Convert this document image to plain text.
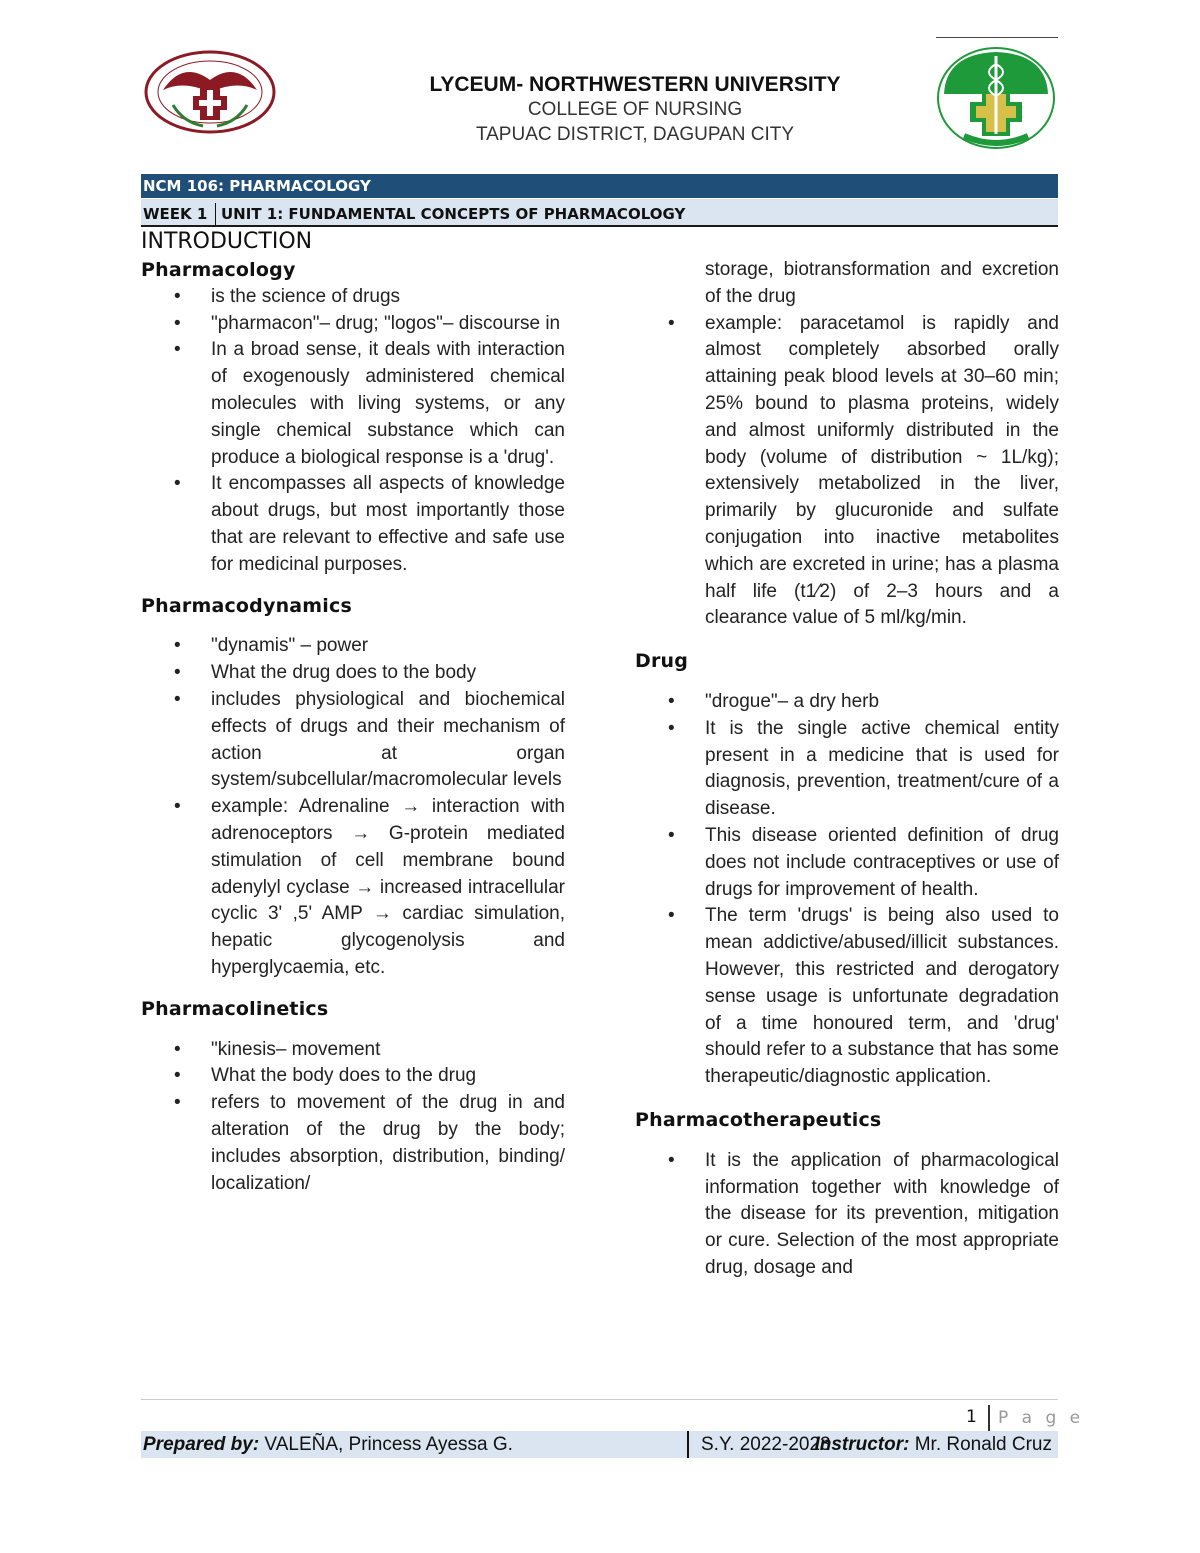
LYCEUM- NORTHWESTERN UNIVERSITY
COLLEGE OF NURSING
TAPUAC DISTRICT, DAGUPAN CITY
NCM 106: PHARMACOLOGY
WEEK 1 UNIT 1: FUNDAMENTAL CONCEPTS OF PHARMACOLOGY
INTRODUCTION
Pharmacology
• is the science of drugs
• "pharmacon"– drug; "logos"– discourse in
• In a broad sense, it deals with interaction of exogenously administered chemical molecules with living systems, or any single chemical substance which can produce a biological response is a 'drug'.
• It encompasses all aspects of knowledge about drugs, but most importantly those that are relevant to effective and safe use for medicinal purposes.
Pharmacodynamics
• "dynamis" – power
• What the drug does to the body
• includes physiological and biochemical effects of drugs and their mechanism of action at organ system/subcellular/macromolecular levels
• example: Adrenaline → interaction with adrenoceptors → G-protein mediated stimulation of cell membrane bound adenylyl cyclase → increased intracellular cyclic 3' ,5' AMP → cardiac simulation, hepatic glycogenolysis and hyperglycaemia, etc.
Pharmacolinetics
• "kinesis– movement
• What the body does to the drug
• refers to movement of the drug in and alteration of the drug by the body; includes absorption, distribution, binding/ localization/
storage, biotransformation and excretion of the drug
• example: paracetamol is rapidly and almost completely absorbed orally attaining peak blood levels at 30–60 min; 25% bound to plasma proteins, widely and almost uniformly distributed in the body (volume of distribution ~ 1L/kg); extensively metabolized in the liver, primarily by glucuronide and sulfate conjugation into inactive metabolites which are excreted in urine; has a plasma half life (t1⁄2) of 2–3 hours and a clearance value of 5 ml/kg/min.
Drug
• "drogue"– a dry herb
• It is the single active chemical entity present in a medicine that is used for diagnosis, prevention, treatment/cure of a disease.
• This disease oriented definition of drug does not include contraceptives or use of drugs for improvement of health.
• The term 'drugs' is being also used to mean addictive/abused/illicit substances. However, this restricted and derogatory sense usage is unfortunate degradation of a time honoured term, and 'drug' should refer to a substance that has some therapeutic/diagnostic application.
Pharmacotherapeutics
• It is the application of pharmacological information together with knowledge of the disease for its prevention, mitigation or cure. Selection of the most appropriate drug, dosage and
1 P a g e
Prepared by: VALEÑA, Princess Ayessa G.	S.Y. 2022-2023
Instructor: Mr. Ronald Cruz
